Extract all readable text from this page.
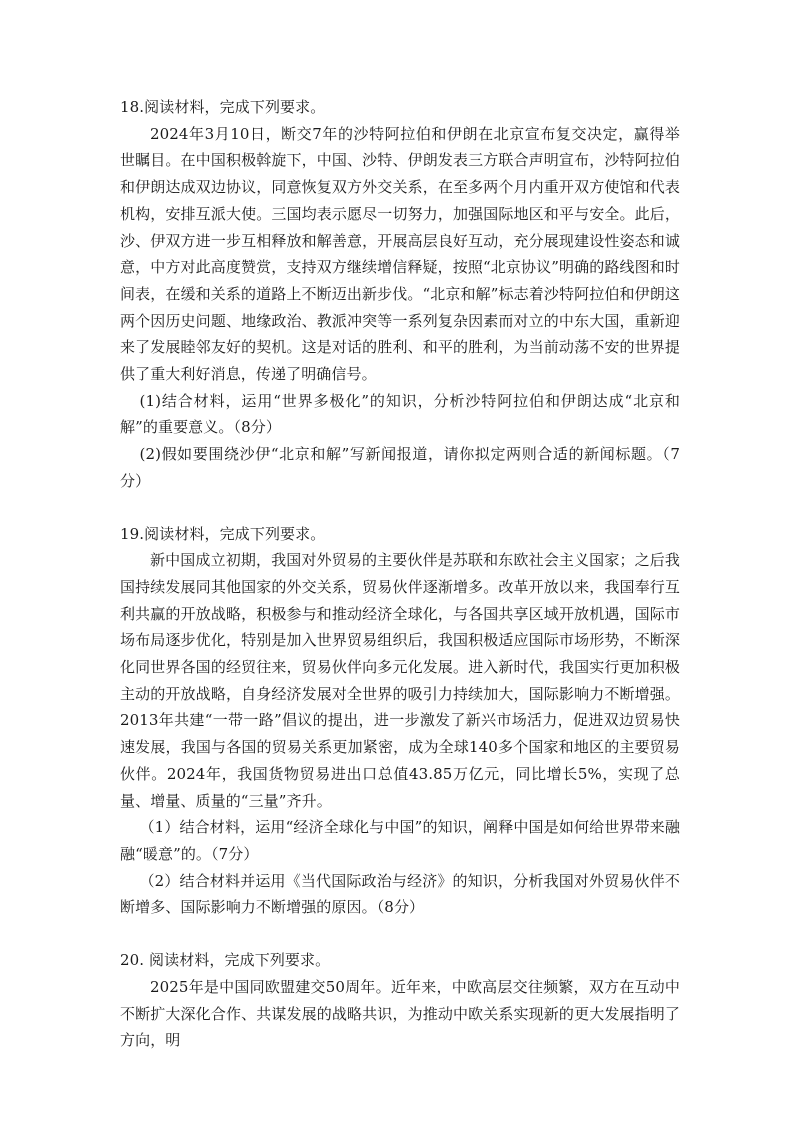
18.阅读材料，完成下列要求。

2024年3月10日，断交7年的沙特阿拉伯和伊朗在北京宣布复交决定，赢得举世瞩目。在中国积极斡旋下，中国、沙特、伊朗发表三方联合声明宣布，沙特阿拉伯和伊朗达成双边协议，同意恢复双方外交关系，在至多两个月内重开双方使馆和代表机构，安排互派大使。三国均表示愿尽一切努力，加强国际地区和平与安全。此后，沙、伊双方进一步互相释放和解善意，开展高层良好互动，充分展现建设性姿态和诚意，中方对此高度赞赏，支持双方继续增信释疑，按照“北京协议”明确的路线图和时间表，在缓和关系的道路上不断迈出新步伐。“北京和解”标志着沙特阿拉伯和伊朗这两个因历史问题、地缘政治、教派冲突等一系列复杂因素而对立的中东大国，重新迎来了发展睦邻友好的契机。这是对话的胜利、和平的胜利，为当前动荡不安的世界提供了重大利好消息，传递了明确信号。

(1)结合材料，运用“世界多极化”的知识，分析沙特阿拉伯和伊朗达成“北京和解”的重要意义。（8分）

(2)假如要围绕沙伊“北京和解”写新闻报道，请你拟定两则合适的新闻标题。（7分）

19.阅读材料，完成下列要求。

新中国成立初期，我国对外贸易的主要伙伴是苏联和东欧社会主义国家；之后我国持续发展同其他国家的外交关系，贸易伙伴逐渐增多。改革开放以来，我国奉行互利共赢的开放战略，积极参与和推动经济全球化，与各国共享区域开放机遇，国际市场布局逐步优化，特别是加入世界贸易组织后，我国积极适应国际市场形势，不断深化同世界各国的经贸往来，贸易伙伴向多元化发展。进入新时代，我国实行更加积极主动的开放战略，自身经济发展对全世界的吸引力持续加大，国际影响力不断增强。2013年共建“一带一路”倡议的提出，进一步激发了新兴市场活力，促进双边贸易快速发展，我国与各国的贸易关系更加紧密，成为全球140多个国家和地区的主要贸易伙伴。2024年，我国货物贸易进出口总值43.85万亿元，同比增长5%，实现了总量、增量、质量的“三量”齐升。

（1）结合材料，运用“经济全球化与中国”的知识，阐释中国是如何给世界带来融融“暖意”的。（7分）

（2）结合材料并运用《当代国际政治与经济》的知识，分析我国对外贸易伙伴不断增多、国际影响力不断增强的原因。（8分）

20. 阅读材料，完成下列要求。

2025年是中国同欧盟建交50周年。近年来，中欧高层交往频繁，双方在互动中不断扩大深化合作、共谋发展的战略共识，为推动中欧关系实现新的更大发展指明了方向，明
